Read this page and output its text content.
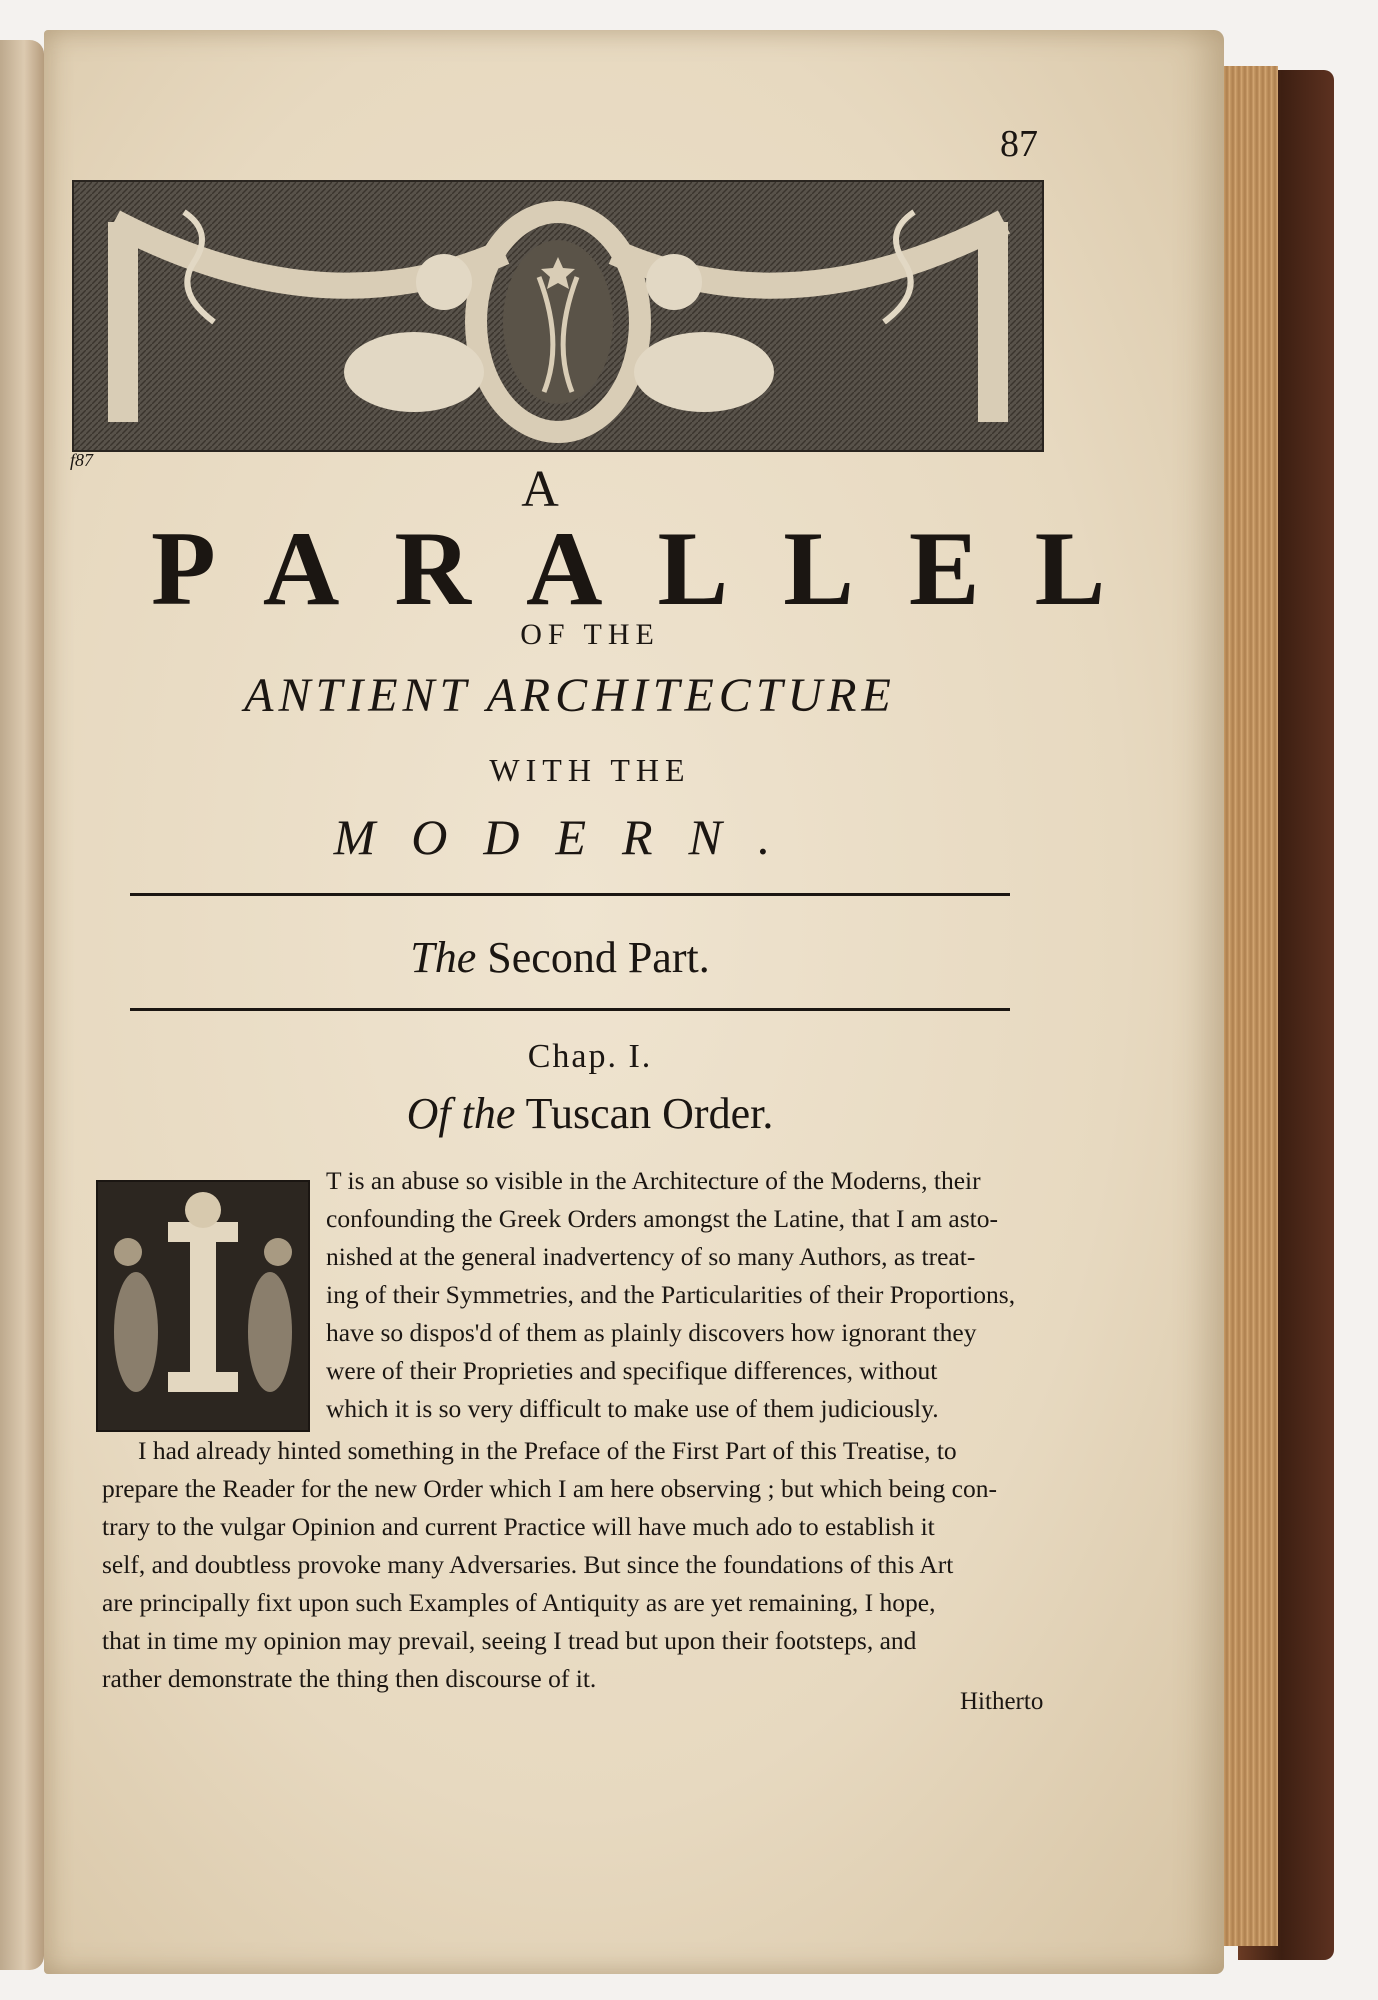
87
f87
A
PARALLEL
OF THE
ANTIENT ARCHITECTURE
WITH THE
MODERN.
The Second Part.
Chap. I.
Of the Tuscan Order.
T is an abuse so visible in the Architecture of the Moderns, their
confounding the Greek Orders amongst the Latine, that I am asto-
nished at the general inadvertency of so many Authors, as treat-
ing of their Symmetries, and the Particularities of their Proportions,
have so dispos'd of them as plainly discovers how ignorant they
were of their Proprieties and specifique differences, without
which it is so very difficult to make use of them judiciously.
I had already hinted something in the Preface of the First Part of this Treatise, to
prepare the Reader for the new Order which I am here observing ; but which being con-
trary to the vulgar Opinion and current Practice will have much ado to establish it
self, and doubtless provoke many Adversaries. But since the foundations of this Art
are principally fixt upon such Examples of Antiquity as are yet remaining, I hope,
that in time my opinion may prevail, seeing I tread but upon their footsteps, and
rather demonstrate the thing then discourse of it.
Hitherto
